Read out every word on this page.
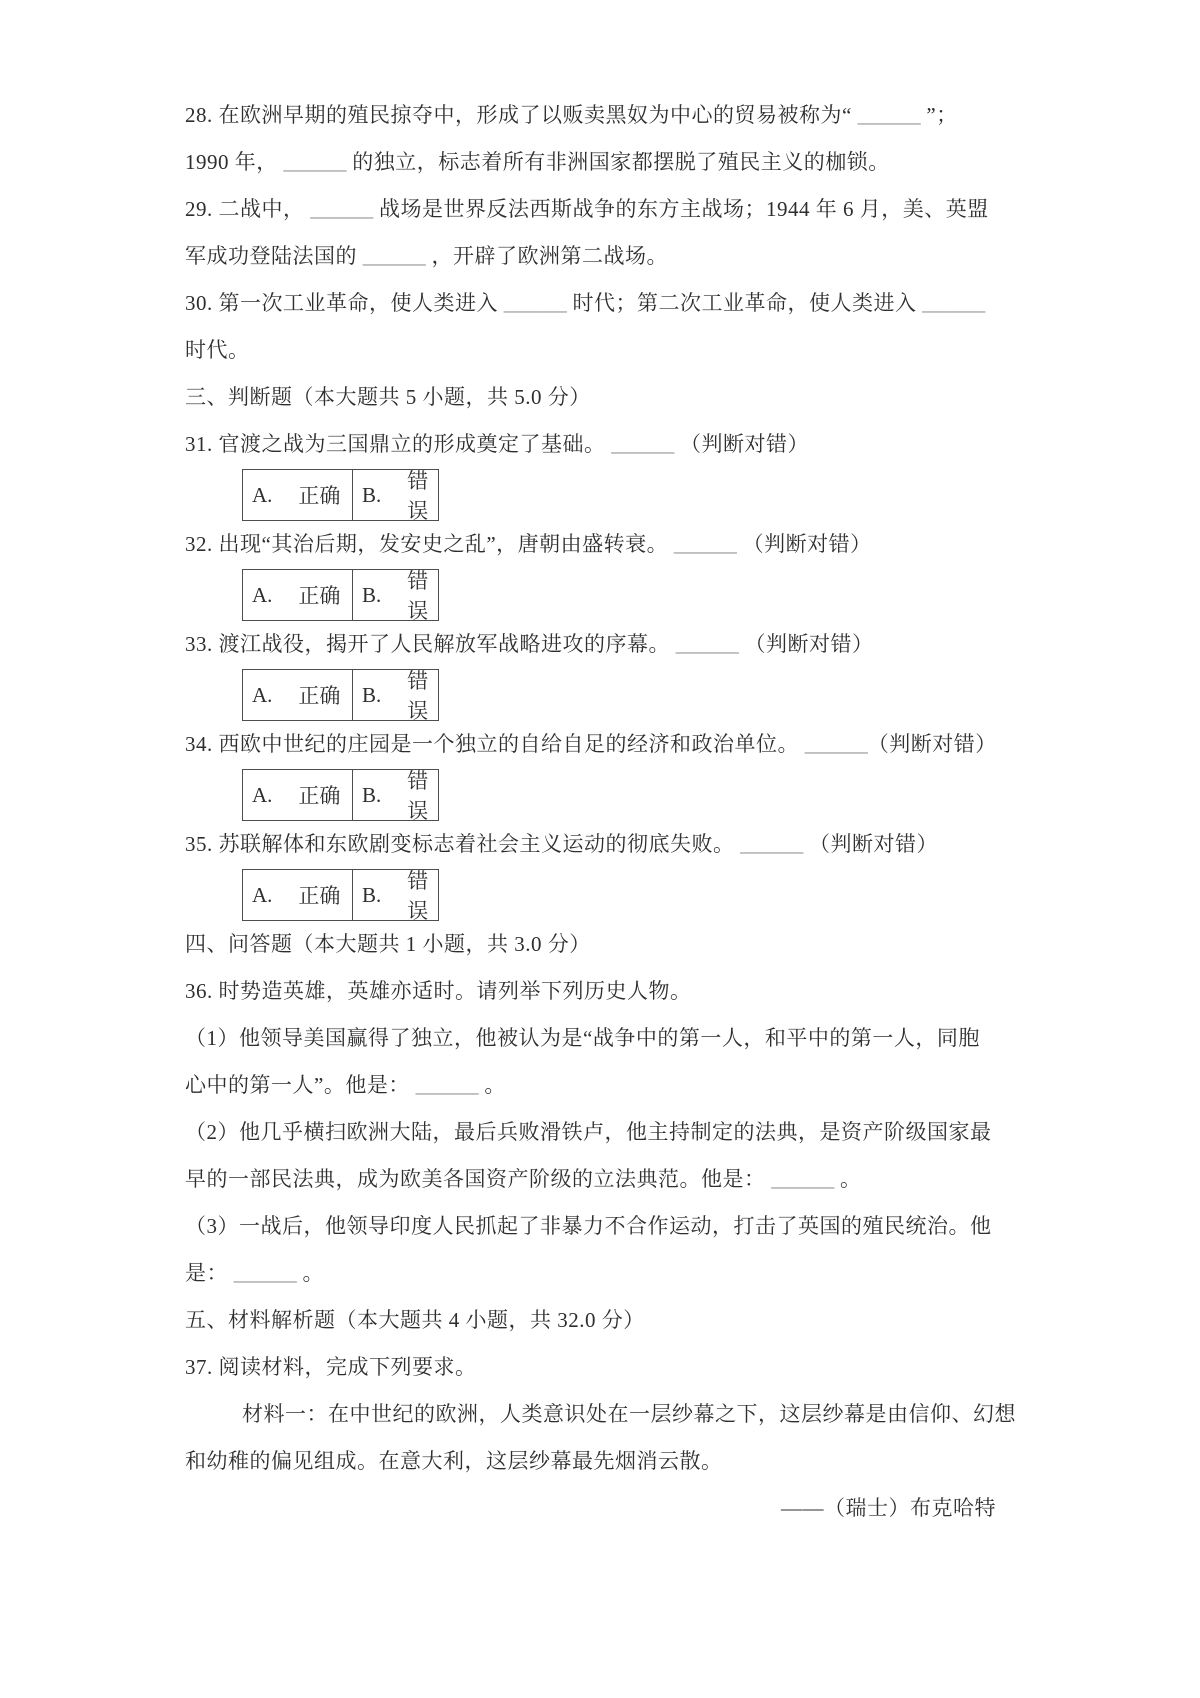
28. 在欧洲早期的殖民掠夺中，形成了以贩卖黑奴为中心的贸易被称为“ ______ ”；
1990 年， ______ 的独立，标志着所有非洲国家都摆脱了殖民主义的枷锁。
29. 二战中， ______ 战场是世界反法西斯战争的东方主战场；1944 年 6 月，美、英盟
军成功登陆法国的 ______ ，开辟了欧洲第二战场。
30. 第一次工业革命，使人类进入 ______ 时代；第二次工业革命，使人类进入 ______
时代。
三、判断题（本大题共 5 小题，共 5.0 分）
31. 官渡之战为三国鼎立的形成奠定了基础。 ______ （判断对错）
A. 正确 B.
错误
32. 出现“其治后期，发安史之乱”，唐朝由盛转衰。 ______ （判断对错）
A. 正确 B.
错误
33. 渡江战役，揭开了人民解放军战略进攻的序幕。 ______ （判断对错）
A. 正确 B.
错误
34. 西欧中世纪的庄园是一个独立的自给自足的经济和政治单位。 ______（判断对错）
A. 正确 B.
错误
35. 苏联解体和东欧剧变标志着社会主义运动的彻底失败。 ______ （判断对错）
A. 正确 B.
错误
四、问答题（本大题共 1 小题，共 3.0 分）
36. 时势造英雄，英雄亦适时。请列举下列历史人物。
（1）他领导美国赢得了独立，他被认为是“战争中的第一人，和平中的第一人，同胞
心中的第一人”。他是： ______ 。
（2）他几乎横扫欧洲大陆，最后兵败滑铁卢，他主持制定的法典，是资产阶级国家最
早的一部民法典，成为欧美各国资产阶级的立法典范。他是： ______ 。
（3）一战后，他领导印度人民抓起了非暴力不合作运动，打击了英国的殖民统治。他
是： ______ 。
五、材料解析题（本大题共 4 小题，共 32.0 分）
37. 阅读材料，完成下列要求。
材料一：在中世纪的欧洲，人类意识处在一层纱幕之下，这层纱幕是由信仰、幻想
和幼稚的偏见组成。在意大利，这层纱幕最先烟消云散。
——（瑞士）布克哈特
